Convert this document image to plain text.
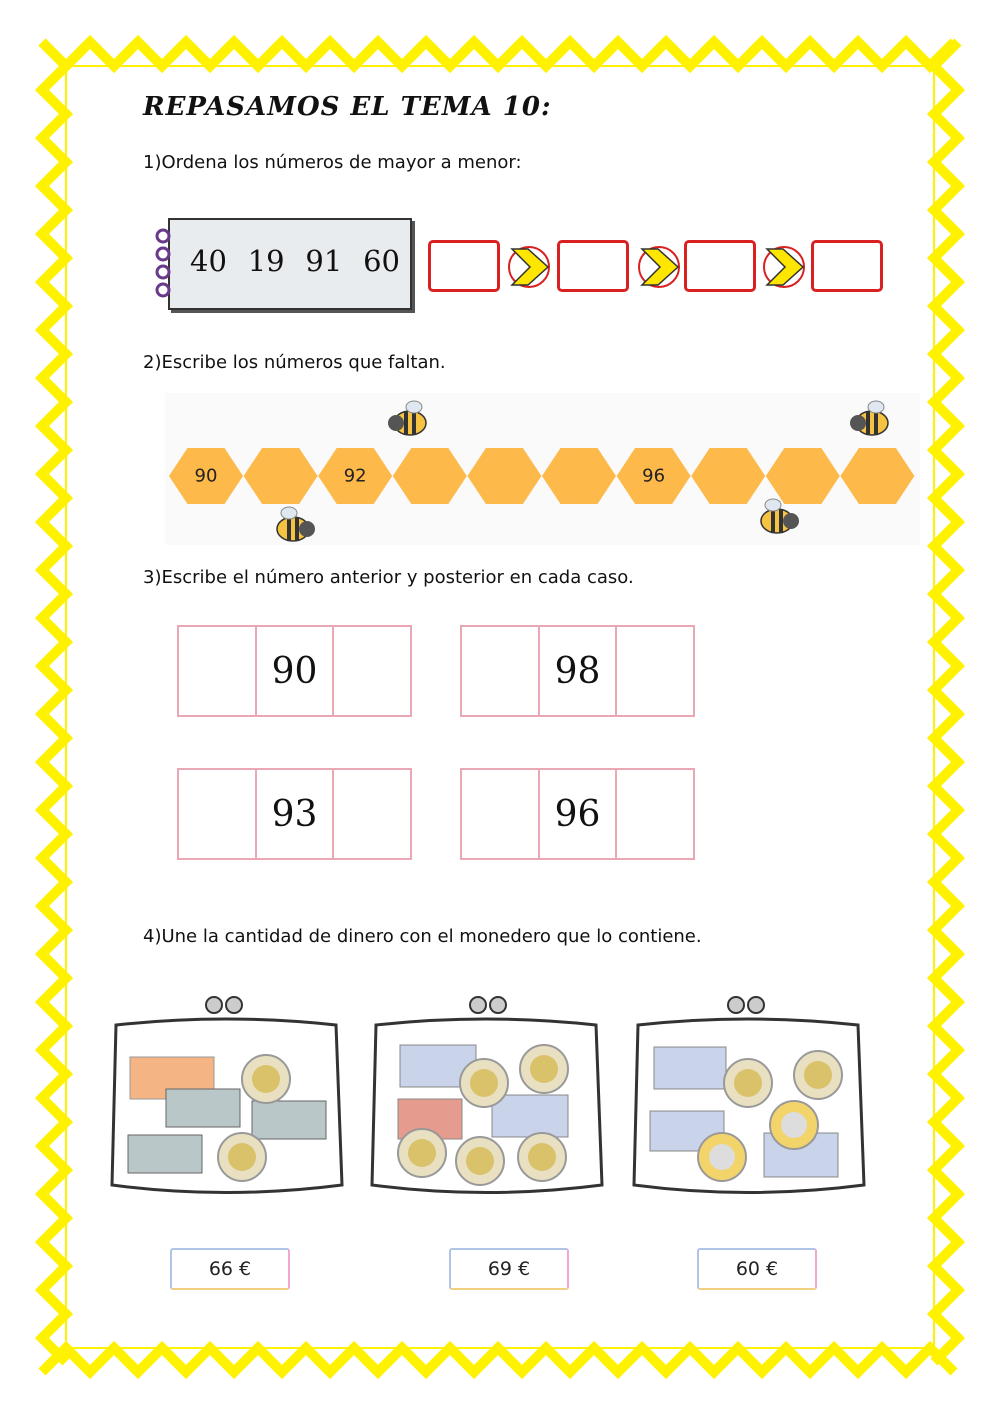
REPASAMOS EL TEMA 10:
1)Ordena los números de mayor a menor:
40 19 91 60
2)Escribe los números que faltan.
90	92	96
3)Escribe el número anterior y posterior en cada caso.
90	98
93	96
4)Une la cantidad de dinero con el monedero que lo contiene.
66 €	69 €	60 €
